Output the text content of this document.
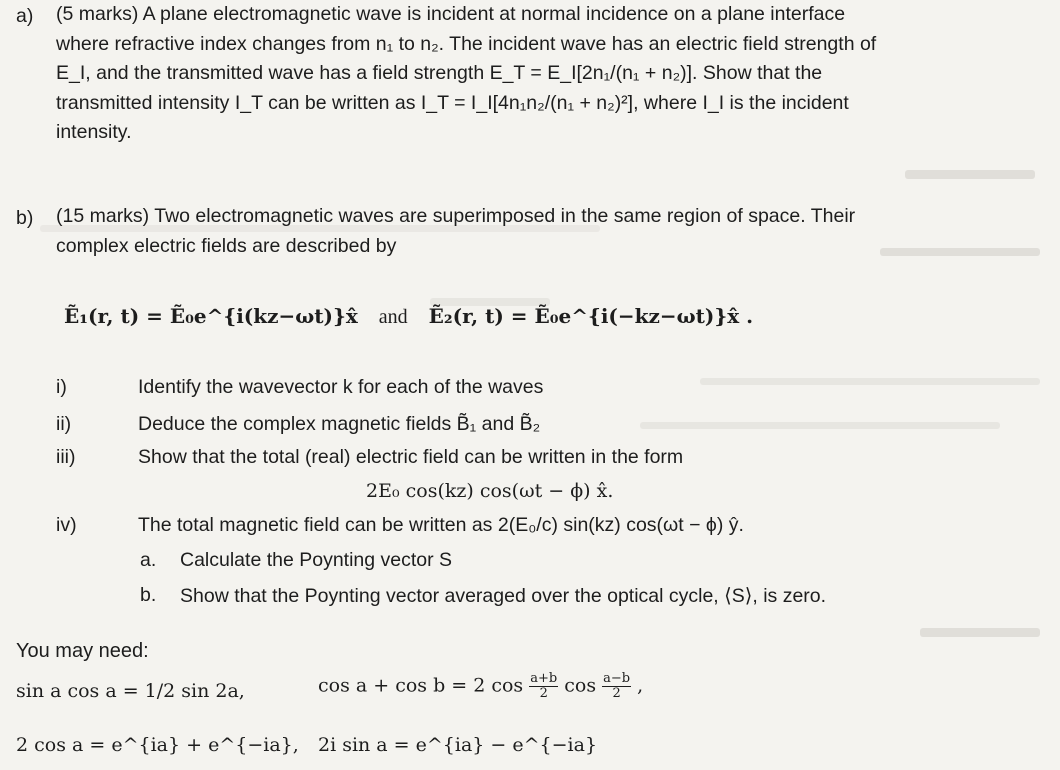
a) (5 marks) A plane electromagnetic wave is incident at normal incidence on a plane interface
where refractive index changes from n₁ to n₂. The incident wave has an electric field strength of
E_I, and the transmitted wave has a field strength E_T = E_I[2n₁/(n₁ + n₂)]. Show that the
transmitted intensity I_T can be written as I_T = I_I[4n₁n₂/(n₁ + n₂)²], where I_I is the incident
intensity.
b) (15 marks) Two electromagnetic waves are superimposed in the same region of space. Their
complex electric fields are described by
Ẽ₁(r, t) = Ẽ₀e^{i(kz−ωt)}x̂ and Ẽ₂(r, t) = Ẽ₀e^{i(−kz−ωt)}x̂ .
i)	Identify the wavevector k for each of the waves
ii)	Deduce the complex magnetic fields B̃₁ and B̃₂
iii)	Show that the total (real) electric field can be written in the form
2E₀ cos(kz) cos(ωt − ϕ) x̂.
iv)	The total magnetic field can be written as 2(E₀/c) sin(kz) cos(ωt − ϕ) ŷ.
a. Calculate the Poynting vector S
b. Show that the Poynting vector averaged over the optical cycle, ⟨S⟩, is zero.
You may need:
sin a cos a = 1/2 sin 2a,	cos a + cos b = 2 $\cos \frac{a+b}{2}$ $\cos \frac{a-b}{2}$ ,
2 cos a = e^{ia} + e^{−ia}, 2i sin a = e^{ia} − e^{−ia}
